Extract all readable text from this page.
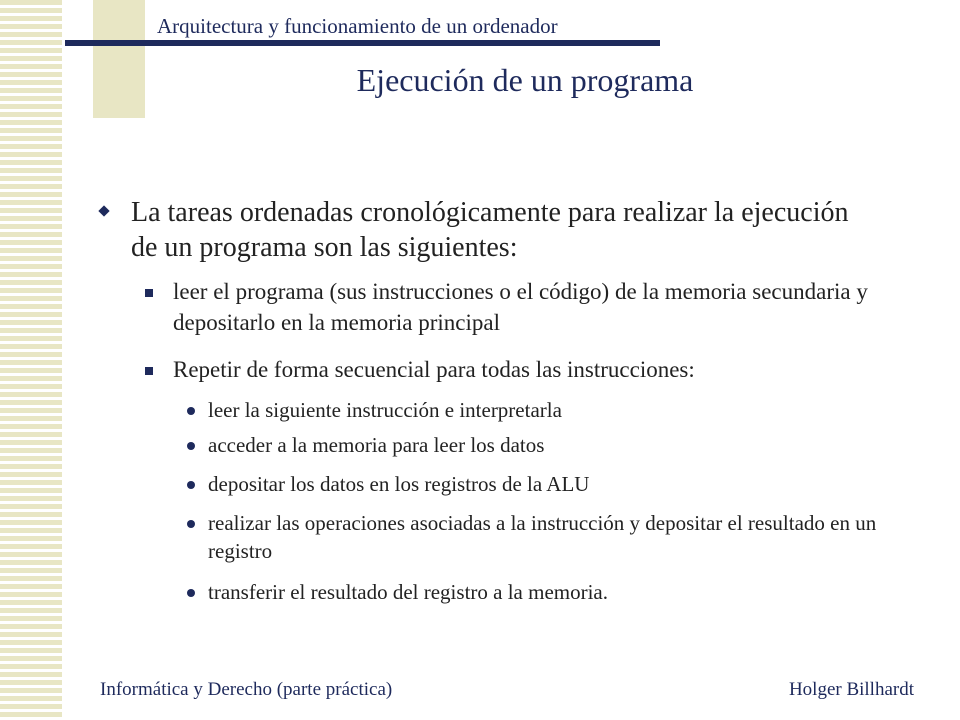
Arquitectura y funcionamiento de un ordenador
Ejecución de un programa
La tareas ordenadas cronológicamente para realizar la ejecución de un programa son las siguientes:
leer el programa (sus instrucciones o el código) de la memoria secundaria y depositarlo en la memoria principal
Repetir de forma secuencial para todas las instrucciones:
leer la siguiente instrucción e interpretarla
acceder a la memoria para leer los datos
depositar los datos en los registros de la ALU
realizar las operaciones asociadas a la instrucción y depositar el resultado en un registro
transferir el resultado del registro a la memoria.
Informática y Derecho (parte práctica)	Holger Billhardt
